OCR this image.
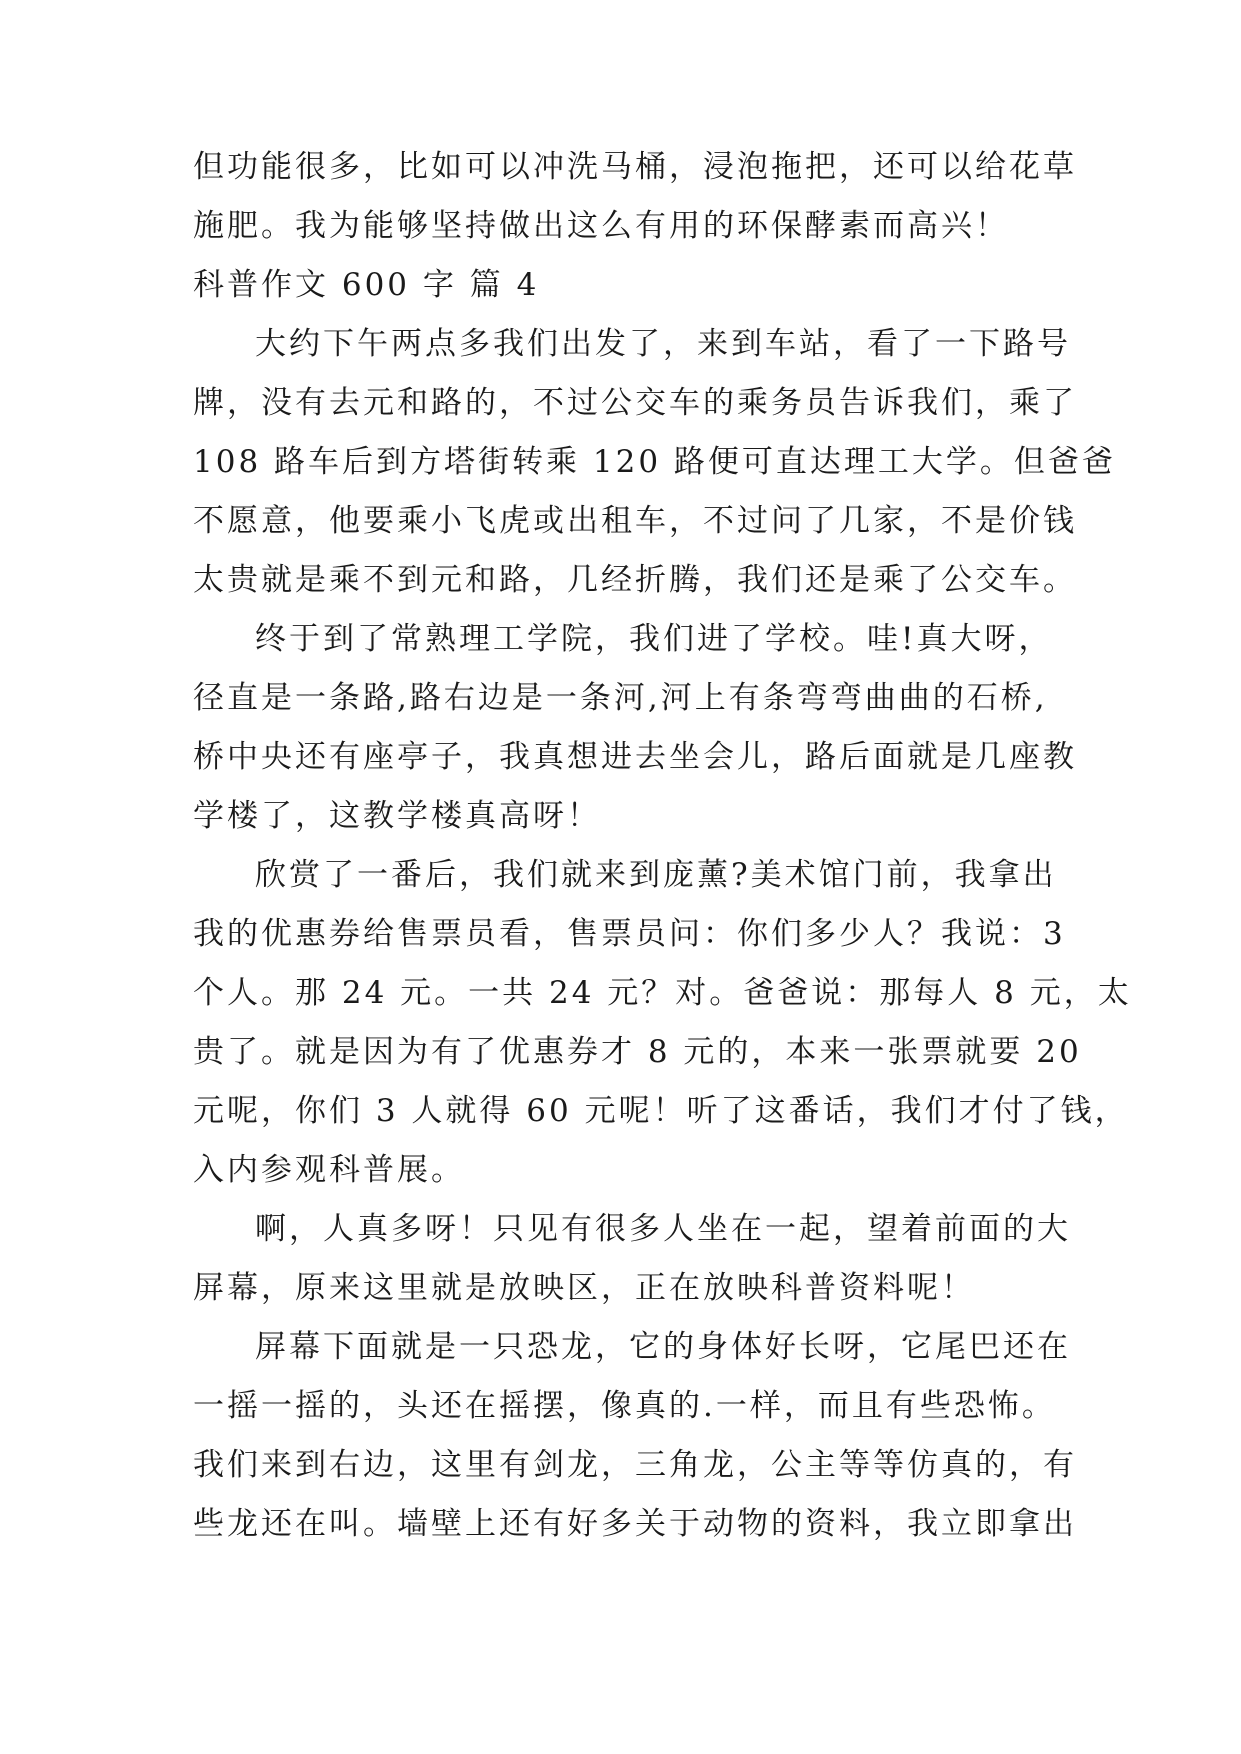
但功能很多，比如可以冲洗马桶，浸泡拖把，还可以给花草
施肥。我为能够坚持做出这么有用的环保酵素而高兴！
科普作文 600 字 篇 4
大约下午两点多我们出发了，来到车站，看了一下路号
牌，没有去元和路的，不过公交车的乘务员告诉我们，乘了
108 路车后到方塔街转乘 120 路便可直达理工大学。但爸爸
不愿意，他要乘小飞虎或出租车，不过问了几家，不是价钱
太贵就是乘不到元和路，几经折腾，我们还是乘了公交车。
终于到了常熟理工学院，我们进了学校。哇!真大呀，
径直是一条路,路右边是一条河,河上有条弯弯曲曲的石桥,
桥中央还有座亭子，我真想进去坐会儿，路后面就是几座教
学楼了，这教学楼真高呀！
欣赏了一番后，我们就来到庞薰?美术馆门前，我拿出
我的优惠券给售票员看，售票员问：你们多少人？我说：3
个人。那 24 元。一共 24 元？对。爸爸说：那每人 8 元，太
贵了。就是因为有了优惠券才 8 元的，本来一张票就要 20
元呢，你们 3 人就得 60 元呢！听了这番话，我们才付了钱，
入内参观科普展。
啊，人真多呀！只见有很多人坐在一起，望着前面的大
屏幕，原来这里就是放映区，正在放映科普资料呢！
屏幕下面就是一只恐龙，它的身体好长呀，它尾巴还在
一摇一摇的，头还在摇摆，像真的.一样，而且有些恐怖。
我们来到右边，这里有剑龙，三角龙，公主等等仿真的，有
些龙还在叫。墙壁上还有好多关于动物的资料，我立即拿出
